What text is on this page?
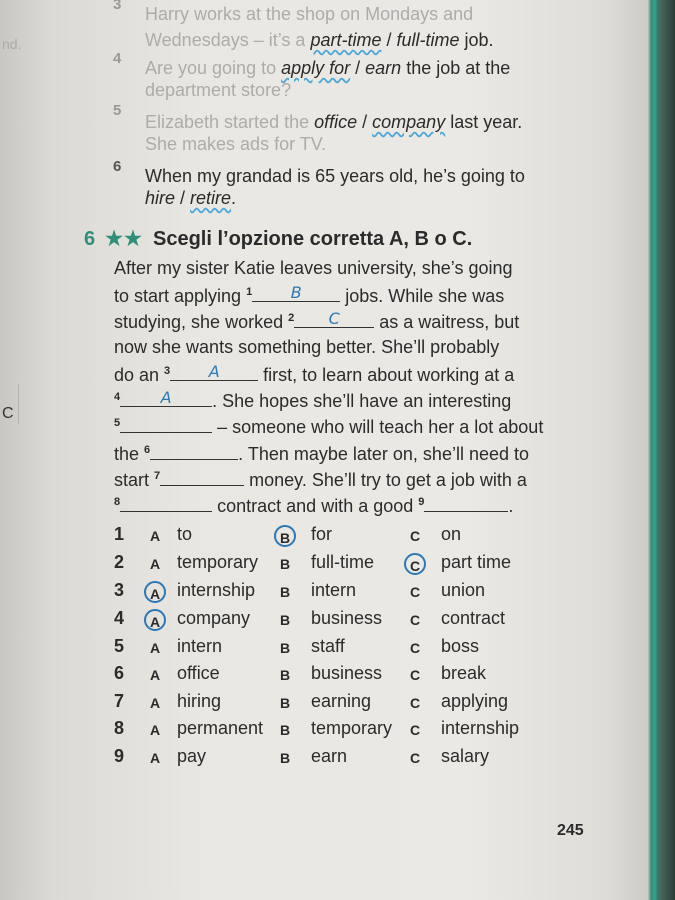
nd.
C
3 Harry works at the shop on Mondays and
Wednesdays – it’s a part-time / full-time job.
4 Are you going to apply for / earn the job at the
department store?
5
Elizabeth started the office / company last year.
She makes ads for TV.
6 When my grandad is 65 years old, he’s going to
hire / retire.
6 ★★ Scegli l’opzione corretta A, B o C.
After my sister Katie leaves university, she’s going
to start applying $^1$	B	jobs. While she was
studying, she worked $^2$	C	as a waitress, but
now she wants something better. She’ll probably
do an $^3$	A	first, to learn about working at a
$^4$	A	. She hopes she’ll have an interesting
$^5$	– someone who will teach her a lot about
the $^6$	. Then maybe later on, she’ll need to
start $^7$	money. She’ll try to get a job with a
$^8$	contract and with a good $^9$	.
1	A to	B	for	C	on
2	A temporary	B	full-time	C	part time
3	A internship	B	intern	C	union
4	A company	B	business	C	contract
5	A intern	B	staff	C	boss
6	A office	B	business	C	break
7	A hiring	B	earning	C	applying
8	A permanent	B	temporary	C	internship
9	A pay	B	earn	C	salary
245
